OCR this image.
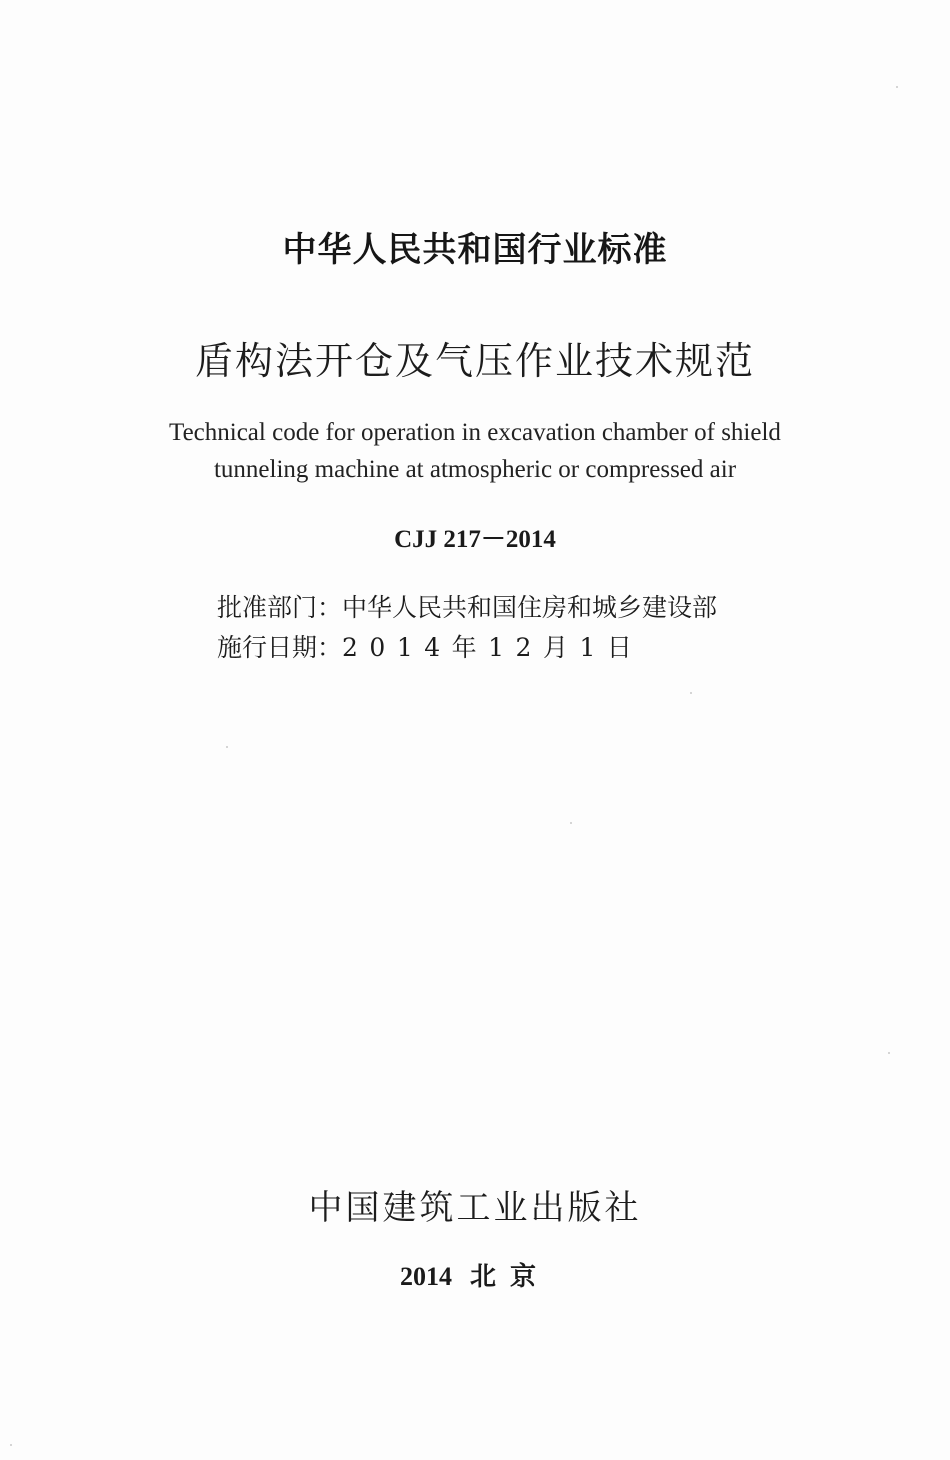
中华人民共和国行业标准
盾构法开仓及气压作业技术规范
Technical code for operation in excavation chamber of shield
tunneling machine at atmospheric or compressed air
CJJ 217－2014
批准部门：中华人民共和国住房和城乡建设部
施行日期：2014年12月1日
中国建筑工业出版社
2014 北京
